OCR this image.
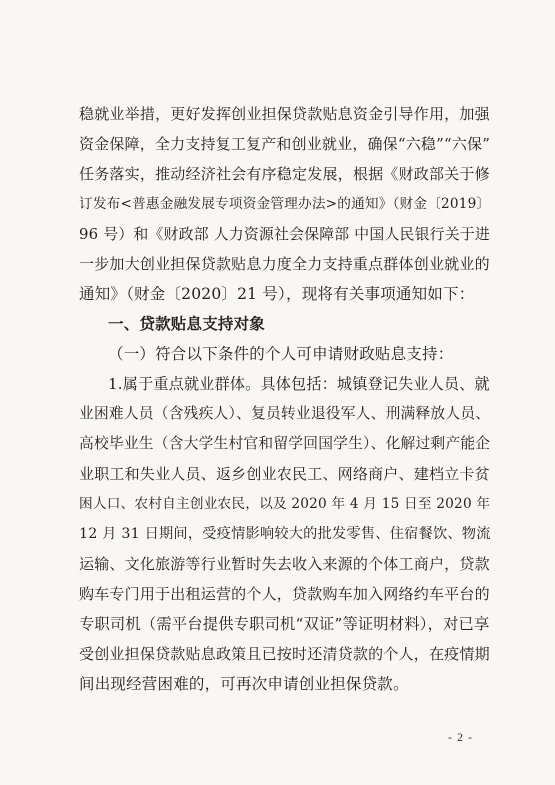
稳就业举措，更好发挥创业担保贷款贴息资金引导作用，加强
资金保障，全力支持复工复产和创业就业，确保“六稳”“六保”
任务落实，推动经济社会有序稳定发展，根据《财政部关于修
订发布<普惠金融发展专项资金管理办法>的通知》（财金〔2019〕
96 号）和《财政部 人力资源社会保障部 中国人民银行关于进
一步加大创业担保贷款贴息力度全力支持重点群体创业就业的
通知》（财金〔2020〕21 号），现将有关事项通知如下：
一、贷款贴息支持对象
（一）符合以下条件的个人可申请财政贴息支持：
1.属于重点就业群体。具体包括：城镇登记失业人员、就
业困难人员（含残疾人）、复员转业退役军人、刑满释放人员、
高校毕业生（含大学生村官和留学回国学生）、化解过剩产能企
业职工和失业人员、返乡创业农民工、网络商户、建档立卡贫
困人口、农村自主创业农民，以及 2020 年 4 月 15 日至 2020 年
12 月 31 日期间，受疫情影响较大的批发零售、住宿餐饮、物流
运输、文化旅游等行业暂时失去收入来源的个体工商户，贷款
购车专门用于出租运营的个人，贷款购车加入网络约车平台的
专职司机（需平台提供专职司机“双证”等证明材料），对已享
受创业担保贷款贴息政策且已按时还清贷款的个人，在疫情期
间出现经营困难的，可再次申请创业担保贷款。
- 2 -
